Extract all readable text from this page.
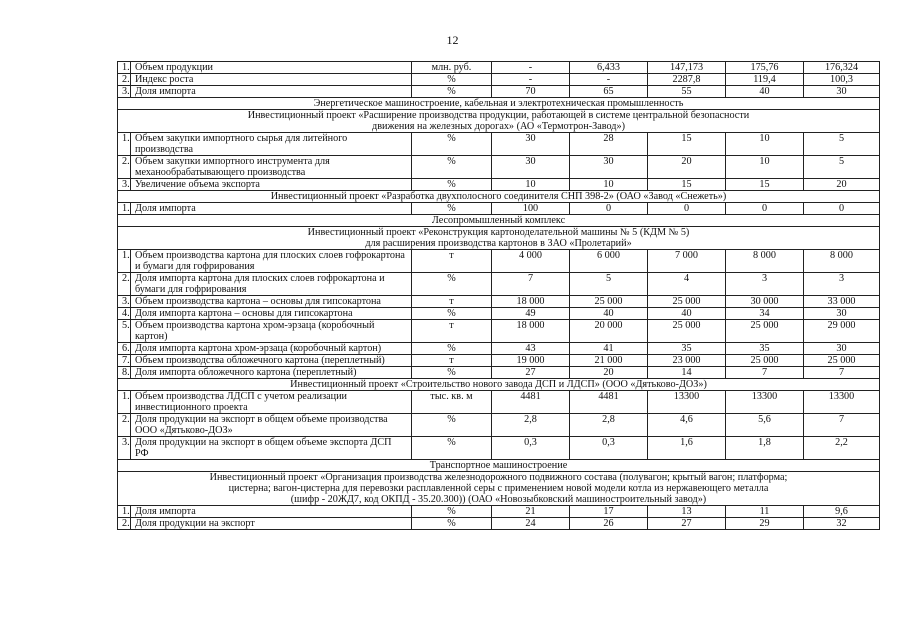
12
1.	Объем продукции	млн. руб.	-	6,433	147,173	175,76	176,324
2.	Индекс роста	%	-	-	2287,8	119,4	100,3
3.	Доля импорта	%	70	65	55	40	30

Энергетическое машиностроение, кабельная и электротехническая промышленность							

Инвестиционный проект «Расширение производства продукции, работающей в системе центральной безопасности
движения на железных дорогах» (АО «Термотрон-Завод»)							

1.	Объем закупки импортного сырья для литейного производства	%	30	28	15	10	5
2.	Объем закупки импортного инструмента для механообрабатывающего производства	%	30	30	20	10	5
3.	Увеличение объема экспорта	%	10	10	15	15	20

Инвестиционный проект «Разработка двухполосного соединителя СНП 398-2» (ОАО «Завод «Снежеть»)							

1.	Доля импорта	%	100	0	0	0	0

Лесопромышленный комплекс							

Инвестиционный проект «Реконструкция картоноделательной машины № 5 (КДМ № 5)
для расширения производства картонов в ЗАО «Пролетарий»							

1.	Объем производства картона для плоских слоев гофрокартона и бумаги для гофрирования	т	4 000	6 000	7 000	8 000	8 000
2.	Доля импорта картона для плоских слоев гофрокартона и бумаги для гофрирования	%	7	5	4	3	3
3.	Объем производства картона – основы для гипсокартона	т	18 000	25 000	25 000	30 000	33 000
4.	Доля импорта картона – основы для гипсокартона	%	49	40	40	34	30
5.	Объем производства картона хром-эрзаца (коробочный картон)	т	18 000	20 000	25 000	25 000	29 000
6.	Доля импорта картона хром-эрзаца (коробочный картон)	%	43	41	35	35	30
7.	Объем производства обложечного картона (переплетный)	т	19 000	21 000	23 000	25 000	25 000
8.	Доля импорта обложечного картона (переплетный)	%	27	20	14	7	7

Инвестиционный проект «Строительство нового завода ДСП и ЛДСП» (ООО «Дятьково-ДОЗ»)							

1.	Объем производства ЛДСП с учетом реализации инвестиционного проекта	тыс. кв. м	4481	4481	13300	13300	13300
2.	Доля продукции на экспорт в общем объеме производства ООО «Дятьково-ДОЗ»	%	2,8	2,8	4,6	5,6	7
3.	Доля продукции на экспорт в общем объеме экспорта ДСП РФ	%	0,3	0,3	1,6	1,8	2,2

Транспортное машиностроение							

Инвестиционный проект «Организация производства железнодорожного подвижного состава (полувагон; крытый вагон; платформа;
цистерна; вагон-цистерна для перевозки расплавленной серы с применением новой модели котла из нержавеющего металла
(шифр - 20ЖД7, код ОКПД - 35.20.300)) (ОАО «Новозыбковский машиностроительный завод»)							

1.	Доля импорта	%	21	17	13	11	9,6
2.	Доля продукции на экспорт	%	24	26	27	29	32
